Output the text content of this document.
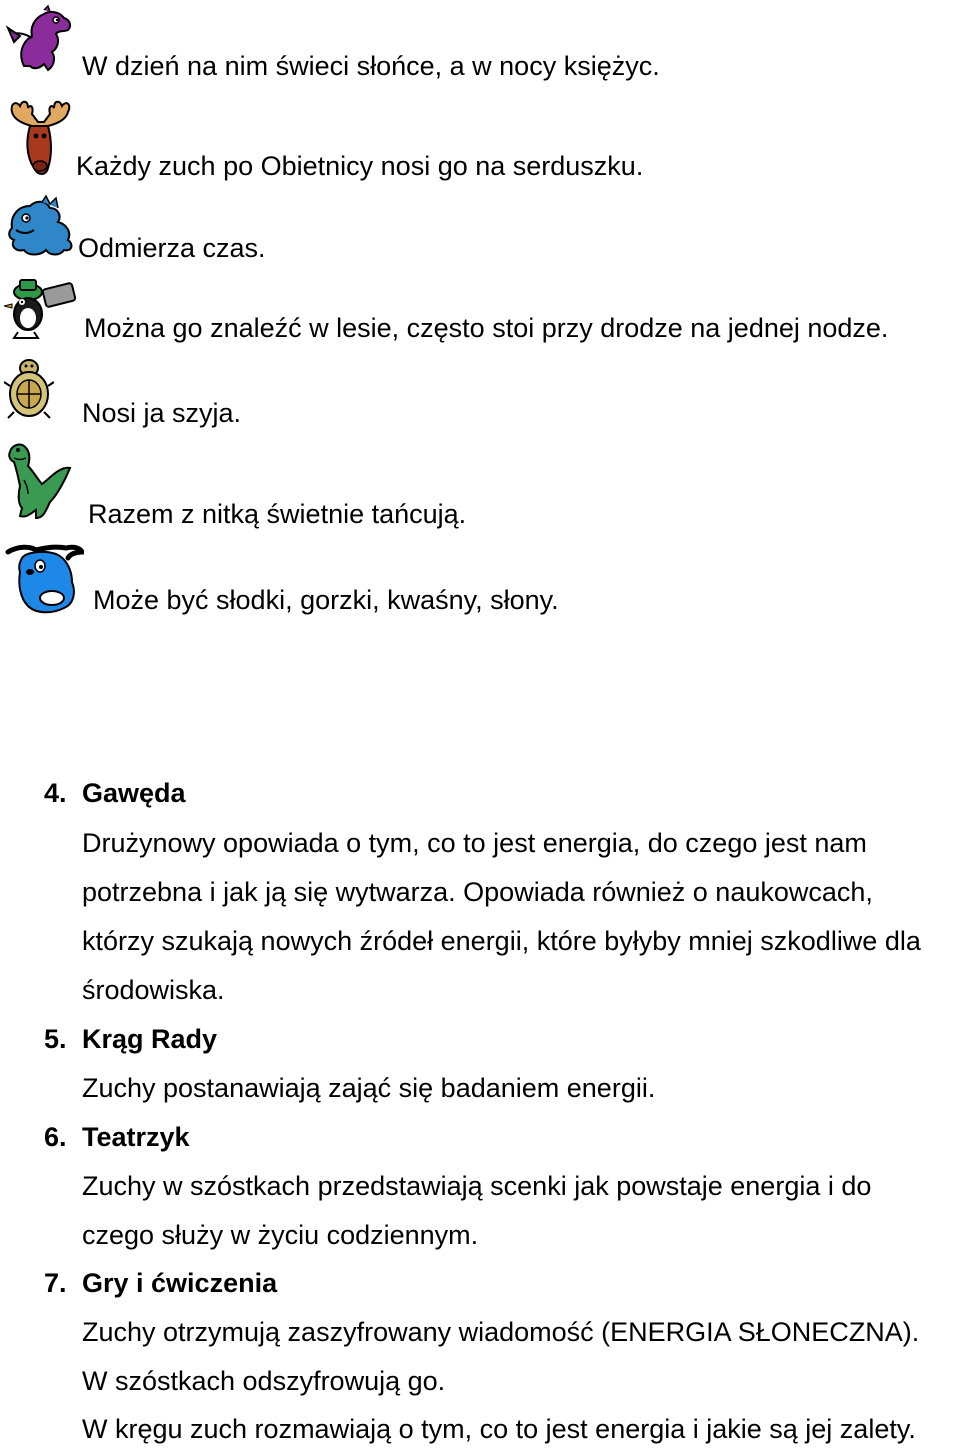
W dzień na nim świeci słońce, a w nocy księżyc.
Każdy zuch po Obietnicy nosi go na serduszku.
Odmierza czas.
Można go znaleźć w lesie, często stoi przy drodze na jednej nodze.
Nosi ja szyja.
Razem z nitką świetnie tańcują.
Może być słodki, gorzki, kwaśny, słony.
4. Gawęda
Drużynowy opowiada o tym, co to jest energia, do czego jest nam
potrzebna i jak ją się wytwarza. Opowiada również o naukowcach,
którzy szukają nowych źródeł energii, które byłyby mniej szkodliwe dla
środowiska.
5. Krąg Rady
Zuchy postanawiają zająć się badaniem energii.
6. Teatrzyk
Zuchy w szóstkach przedstawiają scenki jak powstaje energia i do
czego służy w życiu codziennym.
7. Gry i ćwiczenia
Zuchy otrzymują zaszyfrowany wiadomość (ENERGIA SŁONECZNA).
W szóstkach odszyfrowują go.
W kręgu zuch rozmawiają o tym, co to jest energia i jakie są jej zalety.
